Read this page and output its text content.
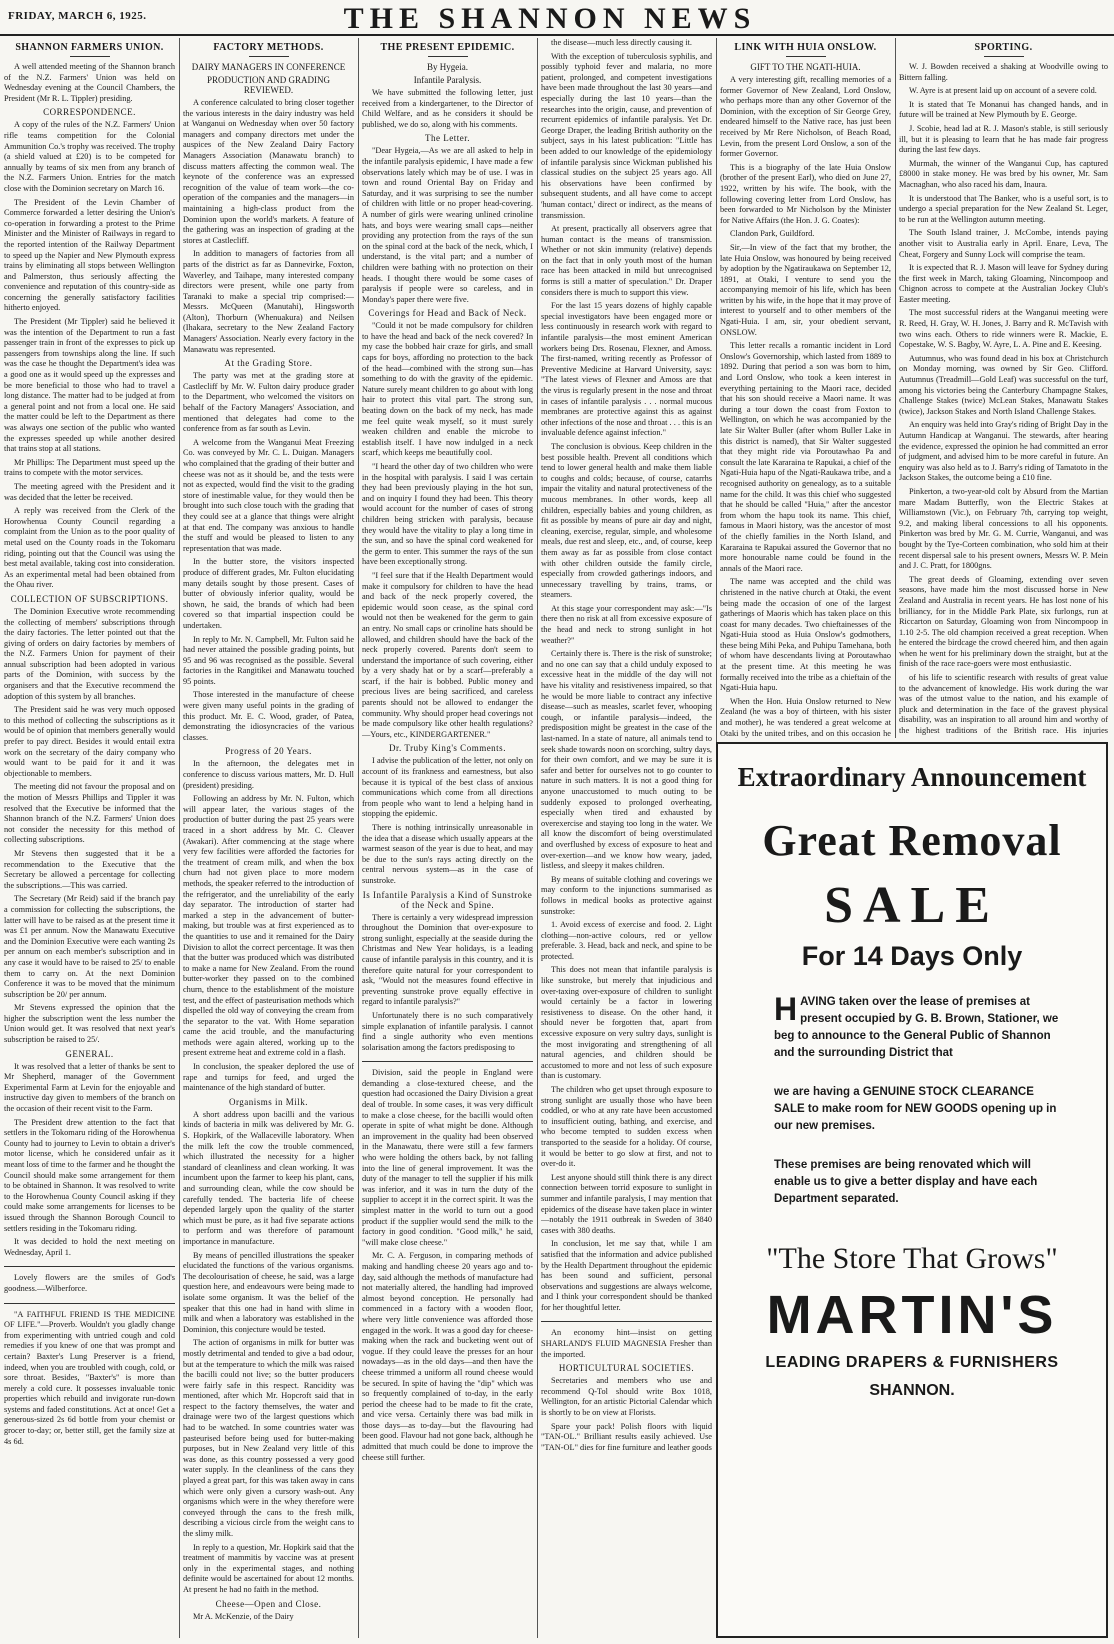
FRIDAY, MARCH 6, 1925.	THE SHANNON NEWS
SHANNON FARMERS UNION.

A well attended meeting of the Shannon branch of the N.Z. Farmers' Union was held on Wednesday evening at the Council Chambers, the President (Mr R. L. Tippler) presiding.

CORRESPONDENCE.

A copy of the rules of the N.Z. Farmers' Union rifle teams competition for the Colonial Ammunition Co.'s trophy was received. The trophy (a shield valued at £20) is to be competed for annually by teams of six men from any branch of the N.Z. Farmers Union. Entries for the match close with the Dominion secretary on March 16.

The President of the Levin Chamber of Commerce forwarded a letter desiring the Union's co-operation in forwarding a protest to the Prime Minister and the Minister of Railways in regard to the reported intention of the Railway Department to speed up the Napier and New Plymouth express trains by eliminating all stops between Wellington and Palmerston, thus seriously affecting the convenience and reputation of this country-side as concerning the generally satisfactory facilities hitherto enjoyed.

The President (Mr Tippler) said he believed it was the intention of the Department to run a fast passenger train in front of the expresses to pick up passengers from townships along the line. If such was the case he thought the Department's idea was a good one as it would speed up the expresses and be more beneficial to those who had to travel a long distance. The matter had to be judged at from a general point and not from a local one. He said the matter could be left to the Department as there was always one section of the public who wanted the expresses speeded up while another desired that trains stop at all stations.

Mr Phillips: The Department must speed up the trains to compete with the motor services.

The meeting agreed with the President and it was decided that the letter be received.

A reply was received from the Clerk of the Horowhenua County Council regarding a complaint from the Union as to the poor quality of metal used on the County roads in the Tokomaru riding, pointing out that the Council was using the best metal available, taking cost into consideration. As an experimental metal had been obtained from the Ohau river.

COLLECTION OF SUBSCRIPTIONS.

The Dominion Executive wrote recommending the collecting of members' subscriptions through the dairy factories. The letter pointed out that the giving of orders on dairy factories by members of the N.Z. Farmers Union for payment of their annual subscription had been adopted in various parts of the Dominion, with success by the organisers and that the Executive recommend the adoption of this system by all branches.

The President said he was very much opposed to this method of collecting the subscriptions as it would be of opinion that members generally would prefer to pay direct. Besides it would entail extra work on the secretary of the dairy company who would want to be paid for it and it was objectionable to members.

The meeting did not favour the proposal and on the motion of Messrs Phillips and Tippler it was resolved that the Executive be informed that the Shannon branch of the N.Z. Farmers' Union does not consider the necessity for this method of collecting subscriptions.

Mr Stevens then suggested that it be a recommendation to the Executive that the Secretary be allowed a percentage for collecting the subscriptions.—This was carried.

The Secretary (Mr Reid) said if the branch pay a commission for collecting the subscriptions, the latter will have to be raised as at the present time it was £1 per annum. Now the Manawatu Executive and the Dominion Executive were each wanting 2s per annum on each member's subscription and in any case it would have to be raised to 25/ to enable them to carry on. At the next Dominion Conference it was to be moved that the minimum subscription be 20/ per annum.

Mr Stevens expressed the opinion that the higher the subscription went the less number the Union would get. It was resolved that next year's subscription be raised to 25/.

GENERAL.

It was resolved that a letter of thanks be sent to Mr Shepherd, manager of the Government Experimental Farm at Levin for the enjoyable and instructive day given to members of the branch on the occasion of their recent visit to the Farm.

The President drew attention to the fact that settlers in the Tokomaru riding of the Horowhenua County had to journey to Levin to obtain a driver's motor license, which he considered unfair as it meant loss of time to the farmer and he thought the Council should make some arrangement for them to be obtained in Shannon. It was resolved to write to the Horowhenua County Council asking if they could make some arrangements for licenses to be issued through the Shannon Borough Council to settlers residing in the Tokomaru riding.

It was decided to hold the next meeting on Wednesday, April 1.

Lovely flowers are the smiles of God's goodness.—Wilberforce.

"A FAITHFUL FRIEND IS THE MEDICINE OF LIFE."—Proverb. Wouldn't you gladly change from experimenting with untried cough and cold remedies if you knew of one that was prompt and certain? Baxter's Lung Preserver is a friend, indeed, when you are troubled with cough, cold, or sore throat. Besides, "Baxter's" is more than merely a cold cure. It possesses invaluable tonic properties which rebuild and invigorate run-down systems and faded constitutions. Act at once! Get a generous-sized 2s 6d bottle from your chemist or grocer to-day; or, better still, get the family size at 4s 6d.

FACTORY METHODS.
DAIRY MANAGERS IN CONFERENCE
PRODUCTION AND GRADING REVIEWED.

A conference calculated to bring closer together the various interests in the dairy industry was held at Wanganui on Wednesday when over 50 factory managers and company directors met under the auspices of the New Zealand Dairy Factory Managers Association (Manawatu branch) to discuss matters affecting the common weal. The keynote of the conference was an expressed recognition of the value of team work—the co-operation of the companies and the managers—in maintaining a high-class product from the Dominion upon the world's markets. A feature of the gathering was an inspection of grading at the stores at Castlecliff.

In addition to managers of factories from all parts of the district as far as Dannevirke, Foxton, Waverley, and Taihape, many interested company directors were present, while one party from Taranaki to make a special trip comprised:—Messrs. McQueen (Manutahi), Hingsworth (Alton), Thorburn (Whenuakura) and Neilsen (Ihakara, secretary to the New Zealand Factory Managers' Association. Nearly every factory in the Manawatu was represented.

At the Grading Store.

The party was met at the grading store at Castlecliff by Mr. W. Fulton dairy produce grader to the Department, who welcomed the visitors on behalf of the Factory Managers' Association, and mentioned that delegates had come to the conference from as far south as Levin.

A welcome from the Wanganui Meat Freezing Co. was conveyed by Mr. C. L. Duigan. Managers who complained that the grading of their butter and cheese was not as it should be, and the tests were not as expected, would find the visit to the grading store of inestimable value, for they would then be brought into such close touch with the grading that they could see at a glance that things were alright at that end. The company was anxious to handle the stuff and would be pleased to listen to any representation that was made.

In the butter store, the visitors inspected produce of different grades, Mr. Fulton elucidating many details sought by those present. Cases of butter of obviously inferior quality, would be shown, he said, the brands of which had been covered so that impartial inspection could be undertaken.

In reply to Mr. N. Campbell, Mr. Fulton said he had never attained the possible grading points, but 95 and 96 was recognised as the possible. Several factories in the Rangitikei and Manawatu touched 95 points.

Those interested in the manufacture of cheese were given many useful points in the grading of this product. Mr. E. C. Wood, grader, of Patea, demonstrating the idiosyncracies of the various classes.

Progress of 20 Years.

In the afternoon, the delegates met in conference to discuss various matters, Mr. D. Hull (president) presiding.

Following an address by Mr. N. Fulton, which will appear later, the various stages of the production of butter during the past 25 years were traced in a short address by Mr. C. Cleaver (Awakari). After commencing at the stage where very few facilities were afforded the factories for the treatment of cream milk, and when the box churn had not given place to more modern methods, the speaker referred to the introduction of the refrigerator, and the unreliability of the early day separator. The introduction of starter had marked a step in the advancement of butter-making, but trouble was at first experienced as to the quantities to use and it remained for the Dairy Division to allot the correct percentage. It was then that the butter was produced which was distributed to make a name for New Zealand. From the round butter-worker they passed on to the combined churn, thence to the establishment of the moisture test, and the effect of pasteurisation methods which dispelled the old way of conveying the cream from the separator to the vat. With Home separation came the acid trouble, and the manufacturing methods were again altered, working up to the present extreme heat and extreme cold in a flash.

In conclusion, the speaker deplored the use of rape and turnips for feed, and urged the maintenance of the high standard of butter.

Organisms in Milk.

A short address upon bacilli and the various kinds of bacteria in milk was delivered by Mr. G. S. Hopkirk, of the Wallaceville laboratory. When the milk left the cow the trouble commenced, which illustrated the necessity for a higher standard of cleanliness and clean working. It was incumbent upon the farmer to keep his plant, cans, and surrounding clean, while the cow should be carefully tended. The bacteria life of cheese depended largely upon the quality of the starter which must be pure, as it had five separate actions to perform and was therefore of paramount importance in manufacture.

By means of pencilled illustrations the speaker elucidated the functions of the various organisms. The decolourisation of cheese, he said, was a large question here, and endeavours were being made to isolate some organism. It was the belief of the speaker that this one had in hand with slime in milk and when a laboratory was established in the Dominion, this conjecture would be tested.

The action of organisms in milk for butter was mostly detrimental and tended to give a bad odour, but at the temperature to which the milk was raised the bacilli could not live; so the butter producers were fairly safe in this respect. Rancidity was mentioned, after which Mr. Hopcroft said that in respect to the factory themselves, the water and drainage were two of the largest questions which had to be watched. In some countries water was pasteurised before being used for butter-making purposes, but in New Zealand very little of this was done, as this country possessed a very good water supply. In the cleanliness of the cans they played a great part, for this was taken away in cans which were only given a cursory wash-out. Any organisms which were in the whey therefore were conveyed through the cans to the fresh milk, describing a vicious circle from the weight cans to the slimy milk.

In reply to a question, Mr. Hopkirk said that the treatment of mammitis by vaccine was at present only in the experimental stages, and nothing definite would be ascertained for about 12 months. At present he had no faith in the method.

Cheese—Open and Close.

Mr A. McKenzie, of the Dairy

THE PRESENT EPIDEMIC.
By Hygeia.
Infantile Paralysis.

We have submitted the following letter, just received from a kindergartener, to the Director of Child Welfare, and as he considers it should be published, we do so, along with his comments.

The Letter.

"Dear Hygeia,—As we are all asked to help in the infantile paralysis epidemic, I have made a few observations lately which may be of use. I was in town and round Oriental Bay on Friday and Saturday, and it was surprising to see the number of children with little or no proper head-covering. A number of girls were wearing unlined crinoline hats, and boys were wearing small caps—neither providing any protection from the rays of the sun on the spinal cord at the back of the neck, which, I understand, is the vital part; and a number of children were bathing with no protection on their heads. I thought there would be some cases of paralysis if people were so careless, and in Monday's paper there were five.

Coverings for Head and Back of Neck.

"Could it not be made compulsory for children to have the head and back of the neck covered? In my case the bobbed hair craze for girls, and small caps for boys, affording no protection to the back of the head—combined with the strong sun—has something to do with the gravity of the epidemic. Nature surely meant children to go about with long hair to protect this vital part. The strong sun, beating down on the back of my neck, has made me feel quite weak myself, so it must surely weaken children and enable the microbe to establish itself. I have now indulged in a neck scarf, which keeps me beautifully cool.

"I heard the other day of two children who were in the hospital with paralysis. I said I was certain they had been previously playing in the hot sun, and on inquiry I found they had been. This theory would account for the number of cases of strong children being stricken with paralysis, because they would have the vitality to play a long time in the sun, and so have the spinal cord weakened for the germ to enter. This summer the rays of the sun have been exceptionally strong.

"I feel sure that if the Health Department would make it compulsory for children to have the head and back of the neck properly covered, the epidemic would soon cease, as the spinal cord would not then be weakened for the germ to gain an entry. No small caps or crinoline hats should be allowed, and children should have the back of the neck properly covered. Parents don't seem to understand the importance of such covering, either by a very shady hat or by a scarf—preferably a scarf, if the hair is bobbed. Public money and precious lives are being sacrificed, and careless parents should not be allowed to endanger the community. Why should proper head coverings not be made compulsory like other health regulations?—Yours, etc., KINDERGARTENER."

Dr. Truby King's Comments.

I advise the publication of the letter, not only on account of its frankness and earnestness, but also because it is typical of the best class of anxious communications which come from all directions from people who want to lend a helping hand in stopping the epidemic.

There is nothing intrinsically unreasonable in the idea that a disease which usually appears at the warmest season of the year is due to heat, and may be due to the sun's rays acting directly on the central nervous system—as in the case of sunstroke.

Is Infantile Paralysis a Kind of Sunstroke of the Neck and Spine.

There is certainly a very widespread impression throughout the Dominion that over-exposure to strong sunlight, especially at the seaside during the Christmas and New Year holidays, is a leading cause of infantile paralysis in this country, and it is therefore quite natural for your correspondent to ask, "Would not the measures found effective in preventing sunstroke prove equally effective in regard to infantile paralysis?"

Unfortunately there is no such comparatively simple explanation of infantile paralysis. I cannot find a single authority who even mentions solarisation among the factors predisposing to

Division, said the people in England were demanding a close-textured cheese, and the question had occasioned the Dairy Division a great deal of trouble. In some cases, it was very difficult to make a close cheese, for the bacilli would often operate in spite of what might be done. Although an improvement in the quality had been observed in the Manawatu, there were still a few farmers who were holding the others back, by not falling into the line of general improvement. It was the duty of the manager to tell the supplier if his milk was inferior, and it was in turn the duty of the supplier to accept it in the correct spirit. It was the simplest matter in the world to turn out a good product if the supplier would send the milk to the factory in good condition. "Good milk," he said, "will make close cheese."

Mr. C. A. Ferguson, in comparing methods of making and handling cheese 20 years ago and to-day, said although the methods of manufacture had not materially altered, the handling had improved almost beyond conception. He personally had commenced in a factory with a wooden floor, where very little convenience was afforded those engaged in the work. It was a good day for cheese-making when the rack and bucketing went out of vogue. If they could leave the presses for an hour nowadays—as in the old days—and then have the cheese trimmed a uniform all round cheese would be secured. In spite of having the "dip" which was so frequently complained of to-day, in the early period the cheese had to be made to fit the crate, and vice versa. Certainly there was bad milk in those days—as to-day—but the flavouring had been good. Flavour had not gone back, although he admitted that much could be done to improve the cheese still further.

the disease—much less directly causing it.

With the exception of tuberculosis syphilis, and possibly typhoid fever and malaria, no more patient, prolonged, and competent investigations have been made throughout the last 30 years—and especially during the last 10 years—than the researches into the origin, cause, and prevention of recurrent epidemics of infantile paralysis. Yet Dr. George Draper, the leading British authority on the subject, says in his latest publication: "Little has been added to our knowledge of the epidemiology of infantile paralysis since Wickman published his classical studies on the subject 25 years ago. All his observations have been confirmed by subsequent students, and all have come to accept 'human contact,' direct or indirect, as the means of transmission.

At present, practically all observers agree that human contact is the means of transmission. Whether or not skin immunity (relative) depends on the fact that in only youth most of the human race has been attacked in mild but unrecognised forms is still a matter of speculation." Dr. Draper considers there is much to support this view.

For the last 15 years dozens of highly capable special investigators have been engaged more or less continuously in research work with regard to infantile paralysis—the most eminent American workers being Drs. Rosenau, Flexner, and Amoss. The first-named, writing recently as Professor of Preventive Medicine at Harvard University, says: "The latest views of Flexner and Amoss are that the virus is regularly present in the nose and throat in cases of infantile paralysis . . . normal mucous membranes are protective against this as against other infections of the nose and throat . . . this is an invaluable defence against infection."

The conclusion is obvious. Keep children in the best possible health. Prevent all conditions which tend to lower general health and make them liable to coughs and colds; because, of course, catarrhs impair the vitality and natural protectiveness of the mucous membranes. In other words, keep all children, especially babies and young children, as fit as possible by means of pure air day and night, cleaning, exercise, regular, simple, and wholesome meals, due rest and sleep, etc., and, of course, keep them away as far as possible from close contact with other children outside the family circle, especially from crowded gatherings indoors, and unnecessary travelling by trains, trams, or steamers.

At this stage your correspondent may ask:—"Is there then no risk at all from excessive exposure of the head and neck to strong sunlight in hot weather?"

Certainly there is. There is the risk of sunstroke; and no one can say that a child unduly exposed to excessive heat in the middle of the day will not have his vitality and resistiveness impaired, so that he would be more liable to contract any infective disease—such as measles, scarlet fever, whooping cough, or infantile paralysis—indeed, the predisposition might be greatest in the case of the last-named. In a state of nature, all animals tend to seek shade towards noon on scorching, sultry days, for their own comfort, and we may be sure it is safer and better for ourselves not to go counter to nature in such matters. It is not a good thing for anyone unaccustomed to much outing to be suddenly exposed to prolonged overheating, especially when tired and exhausted by overexercise and staying too long in the water. We all know the discomfort of being overstimulated and overflushed by excess of exposure to heat and over-exertion—and we know how weary, jaded, listless, and sleepy it makes children.

By means of suitable clothing and coverings we may conform to the injunctions summarised as follows in medical books as protective against sunstroke:

1. Avoid excess of exercise and food. 2. Light clothing—non-active colours, red or yellow preferable. 3. Head, back and neck, and spine to be protected.

This does not mean that infantile paralysis is like sunstroke, but merely that injudicious and over-taxing over-exposure of children to sunlight would certainly be a factor in lowering resistiveness to disease. On the other hand, it should never be forgotten that, apart from excessive exposure on very sultry days, sunlight is the most invigorating and strengthening of all natural agencies, and children should be accustomed to more and not less of such exposure than is customary.

The children who get upset through exposure to strong sunlight are usually those who have been coddled, or who at any rate have been accustomed to insufficient outing, bathing, and exercise, and who become tempted to sudden excess when transported to the seaside for a holiday. Of course, it would be better to go slow at first, and not to over-do it.

Lest anyone should still think there is any direct connection between torrid exposure to sunlight in summer and infantile paralysis, I may mention that epidemics of the disease have taken place in winter—notably the 1911 outbreak in Sweden of 3840 cases with 380 deaths.

In conclusion, let me say that, while I am satisfied that the information and advice published by the Health Department throughout the epidemic has been sound and sufficient, personal observations and suggestions are always welcome, and I think your correspondent should be thanked for her thoughtful letter.

An economy hint—insist on getting SHARLAND'S FLUID MAGNESIA Fresher than the imported.

HORTICULTURAL SOCIETIES.

Secretaries and members who use and recommend Q-Tol should write Box 1018, Wellington, for an artistic Pictorial Calendar which is shortly to be on view at Florists.

Spare your pack! Polish floors with liquid "TAN-OL." Brilliant results easily achieved. Use "TAN-OL" dies for fine furniture and leather goods

LINK WITH HUIA ONSLOW.
GIFT TO THE NGATI-HUIA.

A very interesting gift, recalling memories of a former Governor of New Zealand, Lord Onslow, who perhaps more than any other Governor of the Dominion, with the exception of Sir George Grey, endeared himself to the Native race, has just been received by Mr Rere Nicholson, of Beach Road, Levin, from the present Lord Onslow, a son of the former Governor.

This is a biography of the late Huia Onslow (brother of the present Earl), who died on June 27, 1922, written by his wife. The book, with the following covering letter from Lord Onslow, has been forwarded to Mr Nicholson by the Minister for Native Affairs (the Hon. J. G. Coates):

Clandon Park, Guildford.

Sir,—In view of the fact that my brother, the late Huia Onslow, was honoured by being received by adoption by the Ngatiraukawa on September 12, 1891, at Otaki, I venture to send you the accompanying memoir of his life, which has been written by his wife, in the hope that it may prove of interest to yourself and to other members of the Ngati-Huia. I am, sir, your obedient servant, ONSLOW.

This letter recalls a romantic incident in Lord Onslow's Governorship, which lasted from 1889 to 1892. During that period a son was born to him, and Lord Onslow, who took a keen interest in everything pertaining to the Maori race, decided that his son should receive a Maori name. It was during a tour down the coast from Foxton to Wellington, on which he was accompanied by the late Sir Walter Buller (after whom Buller Lake in this district is named), that Sir Walter suggested that they might ride via Poroutawhao Pa and consult the late Kararaina te Rapukai, a chief of the Ngati-Huia hapu of the Ngati-Raukawa tribe, and a recognised authority on genealogy, as to a suitable name for the child. It was this chief who suggested that he should be called "Huia," after the ancestor from whom the hapu took its name. This chief, famous in Maori history, was the ancestor of most of the chiefly families in the North Island, and Kararaina te Rapukai assured the Governor that no more honourable name could be found in the annals of the Maori race.

The name was accepted and the child was christened in the native church at Otaki, the event being made the occasion of one of the largest gatherings of Maoris which has taken place on this coast for many decades. Two chieftainesses of the Ngati-Huia stood as Huia Onslow's godmothers, these being Mihi Peka, and Puhipu Tamehana, both of whom have descendants living at Poroutawhao at the present time. At this meeting he was formally received into the tribe as a chieftain of the Ngati-Huia hapu.

When the Hon. Huia Onslow returned to New Zealand (he was a boy of thirteen, with his sister and mother), he was tendered a great welcome at Otaki by the united tribes, and on this occasion he

SPORTING.

W. J. Bowden received a shaking at Woodville owing to Bittern falling.

W. Ayre is at present laid up on account of a severe cold.

It is stated that Te Monanui has changed hands, and in future will be trained at New Plymouth by E. George.

J. Scobie, head lad at R. J. Mason's stable, is still seriously ill, but it is pleasing to learn that he has made fair progress during the last few days.

Murmah, the winner of the Wanganui Cup, has captured £8000 in stake money. He was bred by his owner, Mr. Sam Macnaghan, who also raced his dam, Inaura.

It is understood that The Banker, who is a useful sort, is to undergo a special preparation for the New Zealand St. Leger, to be run at the Wellington autumn meeting.

The South Island trainer, J. McCombe, intends paying another visit to Australia early in April. Enare, Leva, The Cheat, Forgery and Sunny Lock will comprise the team.

It is expected that R. J. Mason will leave for Sydney during the first week in March, taking Gloaming, Nincompoop and Chignon across to compete at the Australian Jockey Club's Easter meeting.

The most successful riders at the Wanganui meeting were R. Reed, H. Gray, W. H. Jones, J. Barry and R. McTavish with two wins each. Others to ride winners were R. Mackie, E. Copestake, W. S. Bagby, W. Ayre, L. A. Pine and E. Keesing.

Autumnus, who was found dead in his box at Christchurch on Monday morning, was owned by Sir Geo. Clifford. Autumnus (Treadmill—Gold Leaf) was successful on the turf, among his victories being the Canterbury Champagne Stakes, Challenge Stakes (twice) McLean Stakes, Manawatu Stakes (twice), Jackson Stakes and North Island Challenge Stakes.

An enquiry was held into Gray's riding of Bright Day in the Autumn Handicap at Wanganui. The stewards, after hearing the evidence, expressed the opinion he had committed an error of judgment, and advised him to be more careful in future. An enquiry was also held as to J. Barry's riding of Tamatoto in the Jackson Stakes, the outcome being a £10 fine.

Pinkerton, a two-year-old colt by Absurd from the Martian mare Madam Butterfly, won the Electric Stakes at Williamstown (Vic.), on February 7th, carrying top weight, 9.2, and making liberal concessions to all his opponents. Pinkerton was bred by Mr. G. M. Currie, Wanganui, and was bought by the Tye-Corteen combination, who sold him at their recent dispersal sale to his present owners, Messrs W. P. Mein and J. C. Pratt, for 1800gns.

The great deeds of Gloaming, extending over seven seasons, have made him the most discussed horse in New Zealand and Australia in recent years. He has lost none of his brilliancy, for in the Middle Park Plate, six furlongs, run at Riccarton on Saturday, Gloaming won from Nincompoop in 1.10 2-5. The old champion received a great reception. When he entered the birdcage the crowd cheered him, and then again when he went for his preliminary down the straight, but at the finish of the race race-goers were most enthusiastic.

of his life to scientific research with results of great value to the advancement of knowledge. His work during the war was of the utmost value to the nation, and his example of pluck and determination in the face of the gravest physical disability, was an inspiration to all around him and worthy of the highest traditions of the British race. His injuries

Extraordinary Announcement
Great Removal
SALE
For 14 Days Only
HAVING taken over the lease of premises at present occupied by G. B. Brown, Stationer, we beg to announce to the General Public of Shannon and the surrounding District that
we are having a GENUINE STOCK CLEARANCE SALE to make room for NEW GOODS opening up in our new premises.
These premises are being renovated which will enable us to give a better display and have each Department separated.
"The Store That Grows"
MARTIN'S
LEADING DRAPERS & FURNISHERS
SHANNON.
